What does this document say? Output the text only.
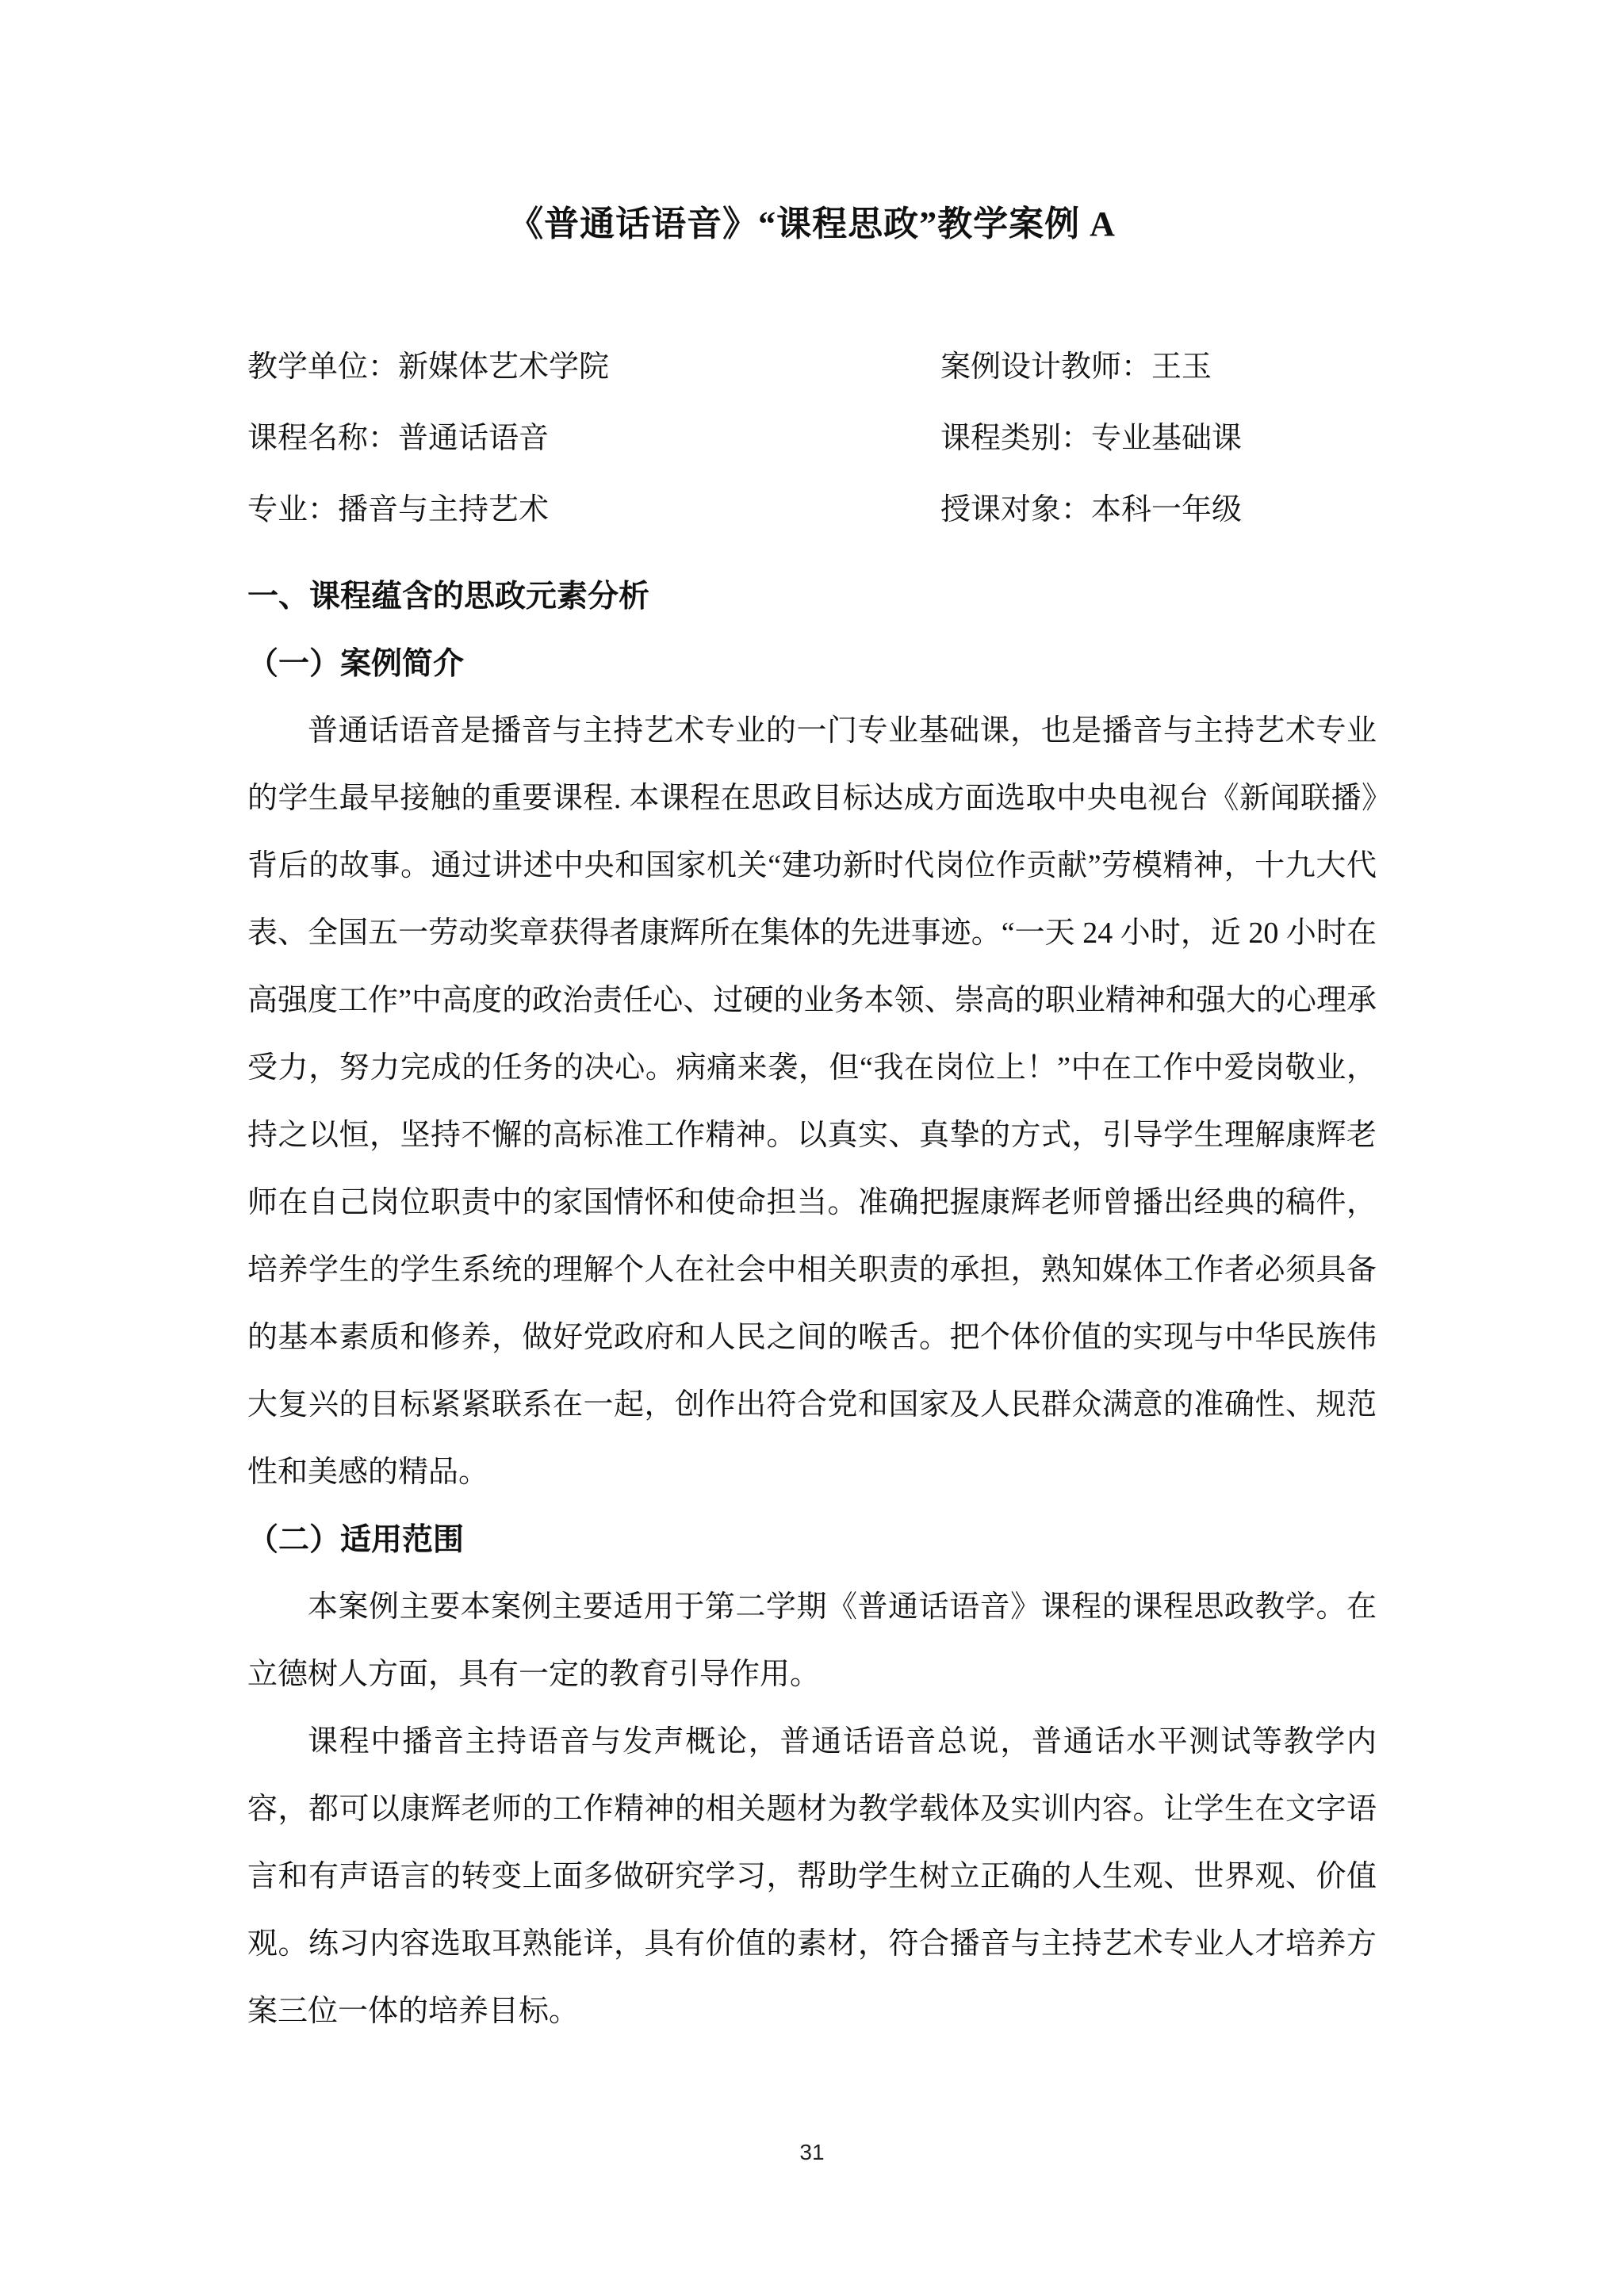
《普通话语音》“课程思政”教学案例 A
教学单位：新媒体艺术学院	案例设计教师：王玉
课程名称：普通话语音	课程类别：专业基础课
专业：播音与主持艺术	授课对象：本科一年级
一、课程蕴含的思政元素分析
（一）案例简介

普通话语音是播音与主持艺术专业的一门专业基础课，也是播音与主持艺术专业的学生最早接触的重要课程. 本课程在思政目标达成方面选取中央电视台《新闻联播》背后的故事。通过讲述中央和国家机关“建功新时代岗位作贡献”劳模精神，十九大代表、全国五一劳动奖章获得者康辉所在集体的先进事迹。“一天 24 小时，近 20 小时在高强度工作”中高度的政治责任心、过硬的业务本领、崇高的职业精神和强大的心理承受力，努力完成的任务的决心。病痛来袭，但“我在岗位上！”中在工作中爱岗敬业，持之以恒，坚持不懈的高标准工作精神。以真实、真挚的方式，引导学生理解康辉老师在自己岗位职责中的家国情怀和使命担当。准确把握康辉老师曾播出经典的稿件，培养学生的学生系统的理解个人在社会中相关职责的承担，熟知媒体工作者必须具备的基本素质和修养，做好党政府和人民之间的喉舌。把个体价值的实现与中华民族伟大复兴的目标紧紧联系在一起，创作出符合党和国家及人民群众满意的准确性、规范性和美感的精品。

（二）适用范围

本案例主要本案例主要适用于第二学期《普通话语音》课程的课程思政教学。在立德树人方面，具有一定的教育引导作用。

课程中播音主持语音与发声概论，普通话语音总说，普通话水平测试等教学内容，都可以康辉老师的工作精神的相关题材为教学载体及实训内容。让学生在文字语言和有声语言的转变上面多做研究学习，帮助学生树立正确的人生观、世界观、价值观。练习内容选取耳熟能详，具有价值的素材，符合播音与主持艺术专业人才培养方案三位一体的培养目标。

31
